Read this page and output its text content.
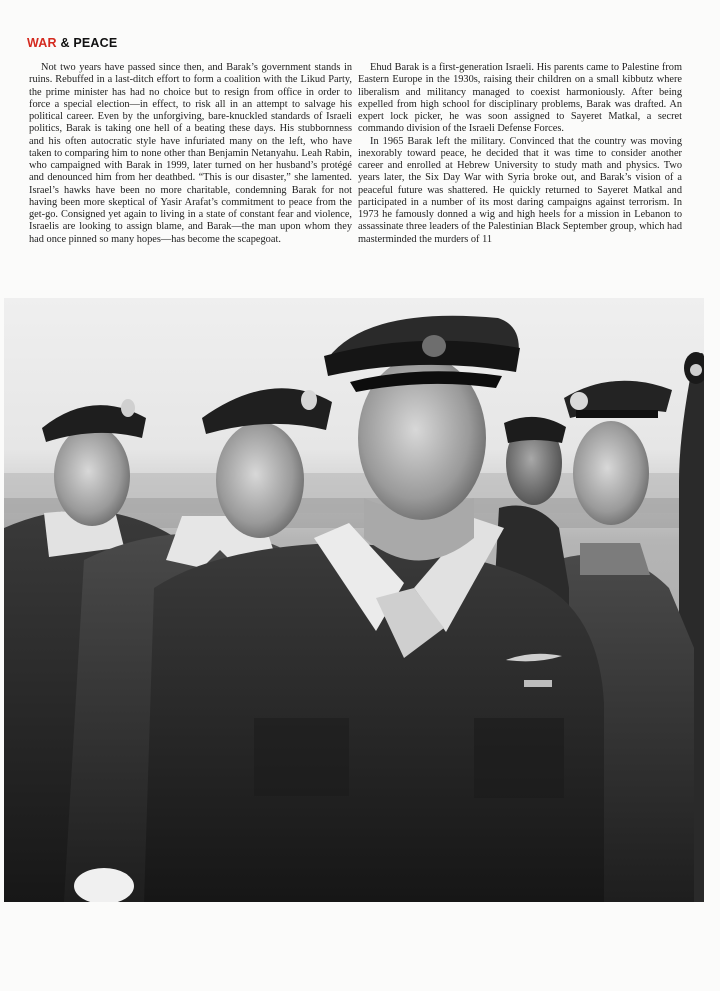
WAR & PEACE

Not two years have passed since then, and Barak’s government stands in ruins. Rebuffed in a last-ditch effort to form a coalition with the Likud Party, the prime minister has had no choice but to resign from office in order to force a special election—in effect, to risk all in an attempt to salvage his political career. Even by the unforgiving, bare-knuckled standards of Israeli politics, Barak is taking one hell of a beating these days. His stubbornness and his often autocratic style have infuriated many on the left, who have taken to comparing him to none other than Benjamin Netanyahu. Leah Rabin, who campaigned with Barak in 1999, later turned on her husband’s protégé and denounced him from her deathbed. “This is our disaster,” she lamented. Israel’s hawks have been no more charitable, condemning Barak for not having been more skeptical of Yasir Arafat’s commitment to peace from the get-go. Consigned yet again to living in a state of constant fear and violence, Israelis are looking to assign blame, and Barak—the man upon whom they had once pinned so many hopes—has become the scapegoat.

Ehud Barak is a first-generation Israeli. His parents came to Palestine from Eastern Europe in the 1930s, raising their children on a small kibbutz where liberalism and militancy managed to coexist harmoniously. After being expelled from high school for disciplinary problems, Barak was drafted. An expert lock picker, he was soon assigned to Sayeret Matkal, a secret commando division of the Israeli Defense Forces.

In 1965 Barak left the military. Convinced that the country was moving inexorably toward peace, he decided that it was time to consider another career and enrolled at Hebrew University to study math and physics. Two years later, the Six Day War with Syria broke out, and Barak’s vision of a peaceful future was shattered. He quickly returned to Sayeret Matkal and participated in a number of its most daring campaigns against terrorism. In 1973 he famously donned a wig and high heels for a mission in Lebanon to assassinate three leaders of the Palestinian Black September group, which had masterminded the murders of 11
